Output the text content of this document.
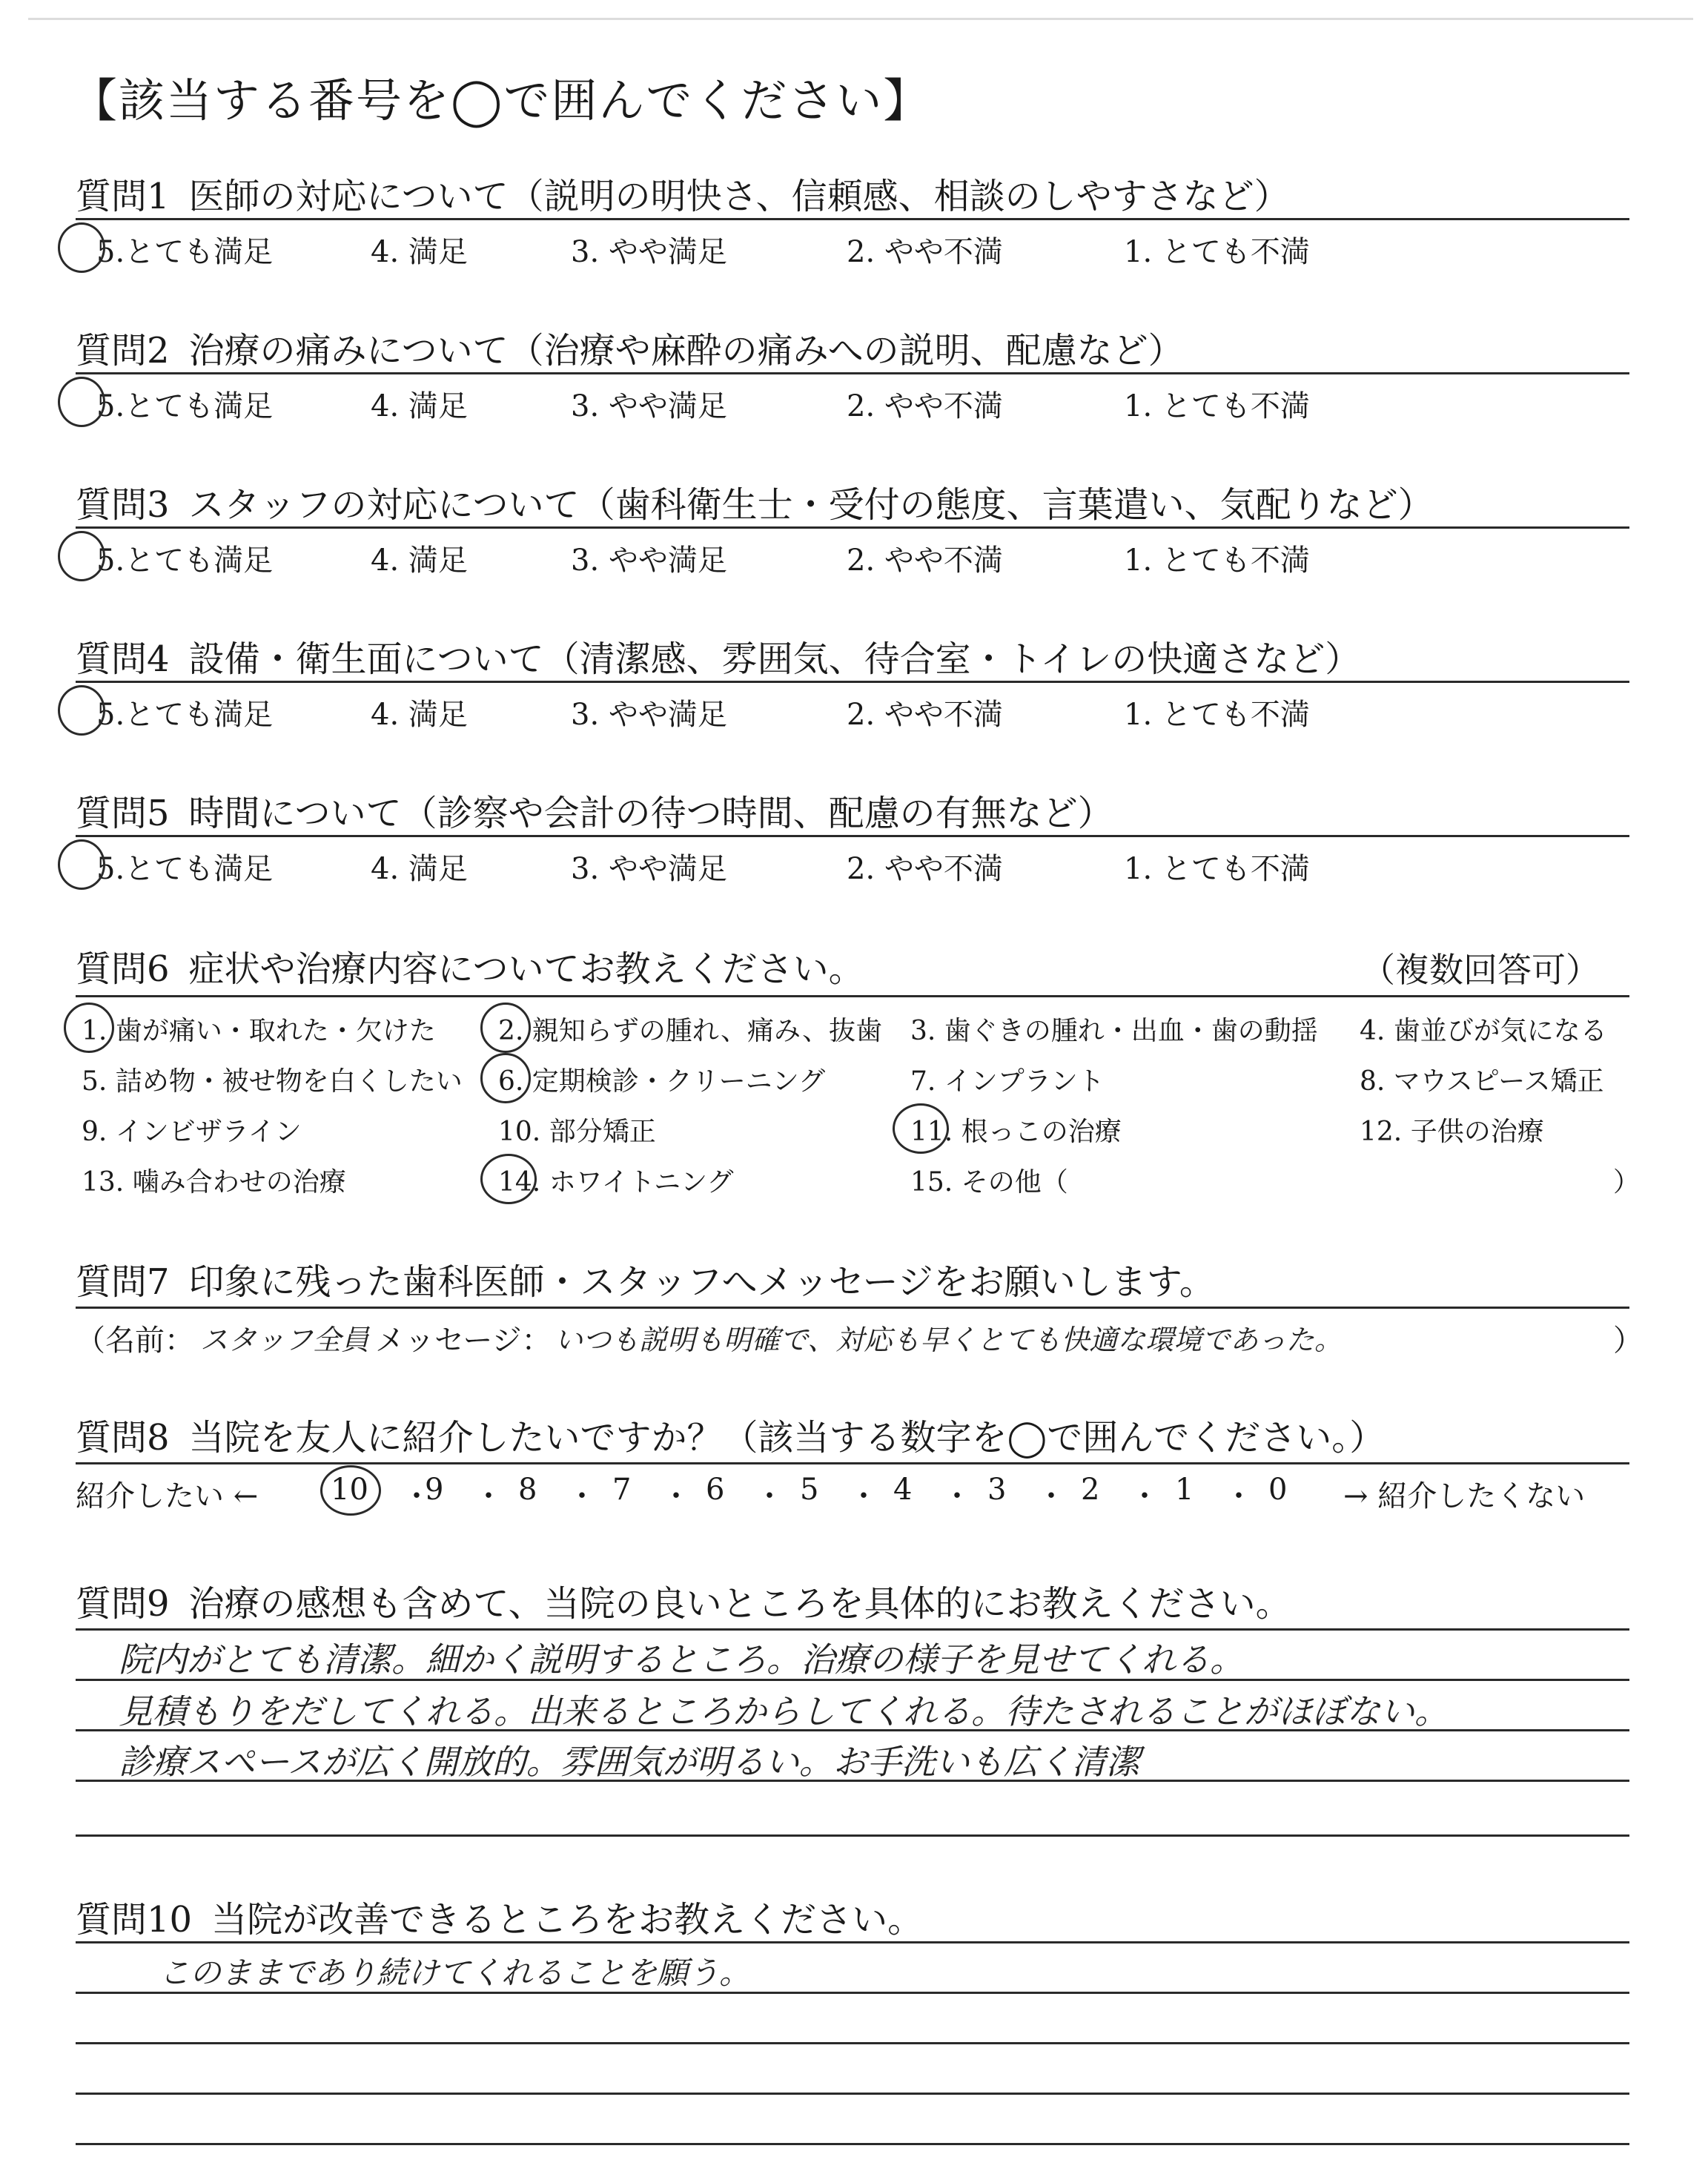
【該当する番号を◯で囲んでください】
質問1 医師の対応について（説明の明快さ、信頼感、相談のしやすさなど）
5.とても満足	4. 満足	3. やや満足	2. やや不満	1. とても不満
質問2 治療の痛みについて（治療や麻酔の痛みへの説明、配慮など）
5.とても満足	4. 満足	3. やや満足	2. やや不満	1. とても不満
質問3 スタッフの対応について（歯科衛生士・受付の態度、言葉遣い、気配りなど）
5.とても満足	4. 満足	3. やや満足	2. やや不満	1. とても不満
質問4 設備・衛生面について（清潔感、雰囲気、待合室・トイレの快適さなど）
5.とても満足	4. 満足	3. やや満足	2. やや不満	1. とても不満
質問5 時間について（診察や会計の待つ時間、配慮の有無など）
5.とても満足	4. 満足	3. やや満足	2. やや不満	1. とても不満
質問6 症状や治療内容についてお教えください。	（複数回答可）
1. 歯が痛い・取れた・欠けた 2. 親知らずの腫れ、痛み、抜歯 3. 歯ぐきの腫れ・出血・歯の動揺 4. 歯並びが気になる
5. 詰め物・被せ物を白くしたい 6. 定期検診・クリーニング	7. インプラント	8. マウスピース矯正
9. インビザライン	10. 部分矯正	11. 根っこの治療	12. 子供の治療
13. 噛み合わせの治療	14. ホワイトニング	15. その他（	）
質問7 印象に残った歯科医師・スタッフへメッセージをお願いします。
（名前： スタッフ全員 メッセージ： いつも説明も明確で、対応も早くとても快適な環境であった。	）
質問8 当院を友人に紹介したいですか？（該当する数字を◯で囲んでください。）
紹介したい ← 10 ・
9 ・ 8 ・ 7 ・ 6 ・ 5 ・ 4 ・ 3 ・ 2 ・ 1 ・ 0 → 紹介したくない
質問9 治療の感想も含めて、当院の良いところを具体的にお教えください。
院内がとても清潔。細かく説明するところ。治療の様子を見せてくれる。
見積もりをだしてくれる。出来るところからしてくれる。待たされることがほぼない。
診療スペースが広く開放的。雰囲気が明るい。お手洗いも広く清潔
質問10 当院が改善できるところをお教えください。
このままであり続けてくれることを願う。
